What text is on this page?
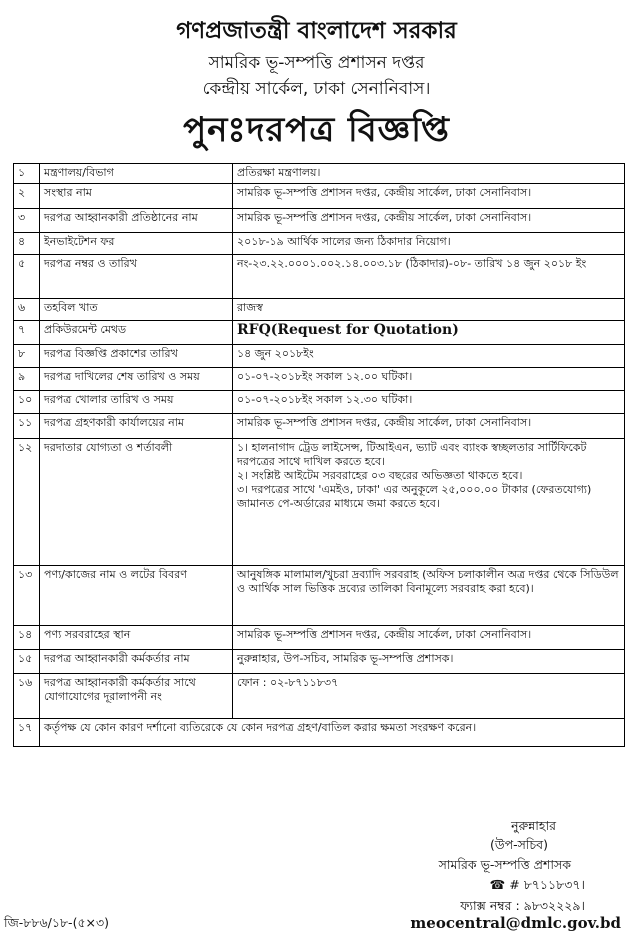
গণপ্রজাতন্ত্রী বাংলাদেশ সরকার
সামরিক ভূ-সম্পত্তি প্রশাসন দপ্তর
কেন্দ্রীয় সার্কেল, ঢাকা সেনানিবাস।
পুনঃদরপত্র বিজ্ঞপ্তি
১	মন্ত্রণালয়/বিভাগ	প্রতিরক্ষা মন্ত্রণালয়।
২	সংস্থার নাম	সামরিক ভূ-সম্পত্তি প্রশাসন দপ্তর, কেন্দ্রীয় সার্কেল, ঢাকা সেনানিবাস।
৩	দরপত্র আহ্বানকারী প্রতিষ্ঠানের নাম	সামরিক ভূ-সম্পত্তি প্রশাসন দপ্তর, কেন্দ্রীয় সার্কেল, ঢাকা সেনানিবাস।
৪	ইনভাইটেশন ফর	২০১৮-১৯ আর্থিক সালের জন্য ঠিকাদার নিয়োগ।
৫	দরপত্র নম্বর ও তারিখ	নং-২৩.২২.০০০১.০০২.১৪.০০৩.১৮ (ঠিকাদার)-০৮- তারিখ ১৪ জুন ২০১৮ ইং
৬	তহবিল খাত	রাজস্ব
৭	প্রকিউরমেন্ট মেথড	RFQ(Request for Quotation)
৮	দরপত্র বিজ্ঞপ্তি প্রকাশের তারিখ	১৪ জুন ২০১৮ইং
৯	দরপত্র দাখিলের শেষ তারিখ ও সময়	০১-০৭-২০১৮ইং সকাল ১২.০০ ঘটিকা।
১০	দরপত্র খোলার তারিখ ও সময়	০১-০৭-২০১৮ইং সকাল ১২.৩০ ঘটিকা।
১১	দরপত্র গ্রহণকারী কার্যালয়ের নাম	সামরিক ভূ-সম্পত্তি প্রশাসন দপ্তর, কেন্দ্রীয় সার্কেল, ঢাকা সেনানিবাস।
১২	দরদাতার যোগ্যতা ও শর্তাবলী	১। হালনাগাদ ট্রেড লাইসেন্স, টিআইএন, ভ্যাট এবং ব্যাংক স্বচ্ছলতার সার্টিফিকেট দরপত্রের সাথে দাখিল করতে হবে।
২। সংশ্লিষ্ট আইটেম সরবরাহের ০৩ বছরের অভিজ্ঞতা থাকতে হবে।
৩। দরপত্রের সাথে 'এমইও, ঢাকা' এর অনুকূলে ২৫,০০০.০০ টাকার (ফেরতযোগ্য) জামানত পে-অর্ডারের মাধ্যমে জমা করতে হবে।
১৩	পণ্য/কাজের নাম ও লটের বিবরণ	আনুষঙ্গিক মালামাল/খুচরা দ্রব্যাদি সরবরাহ (অফিস চলাকালীন অত্র দপ্তর থেকে সিডিউল ও আর্থিক সাল ভিত্তিক দ্রব্যের তালিকা বিনামূল্যে সরবরাহ করা হবে)।
১৪	পণ্য সরবরাহের স্থান	সামরিক ভূ-সম্পত্তি প্রশাসন দপ্তর, কেন্দ্রীয় সার্কেল, ঢাকা সেনানিবাস।
১৫	দরপত্র আহ্বানকারী কর্মকর্তার নাম	নুরুন্নাহার, উপ-সচিব, সামরিক ভূ-সম্পত্তি প্রশাসক।
১৬	দরপত্র আহ্বানকারী কর্মকর্তার সাথে যোগাযোগের দূরালাপনী নং	ফোন : ০২-৮৭১১৮৩৭
১৭	কর্তৃপক্ষ যে কোন কারণ দর্শানো ব্যতিরেকে যে কোন দরপত্র গ্রহণ/বাতিল করার ক্ষমতা সংরক্ষণ করেন।	
নুরুন্নাহার
(উপ-সচিব)
সামরিক ভূ-সম্পত্তি প্রশাসক
☎ # ৮৭১১৮৩৭।
ফ্যাক্স নম্বর : ৯৮৩২২২৯।
meocentral@dmlc.gov.bd
জি-৮৮৬/১৮-(৫×৩)
